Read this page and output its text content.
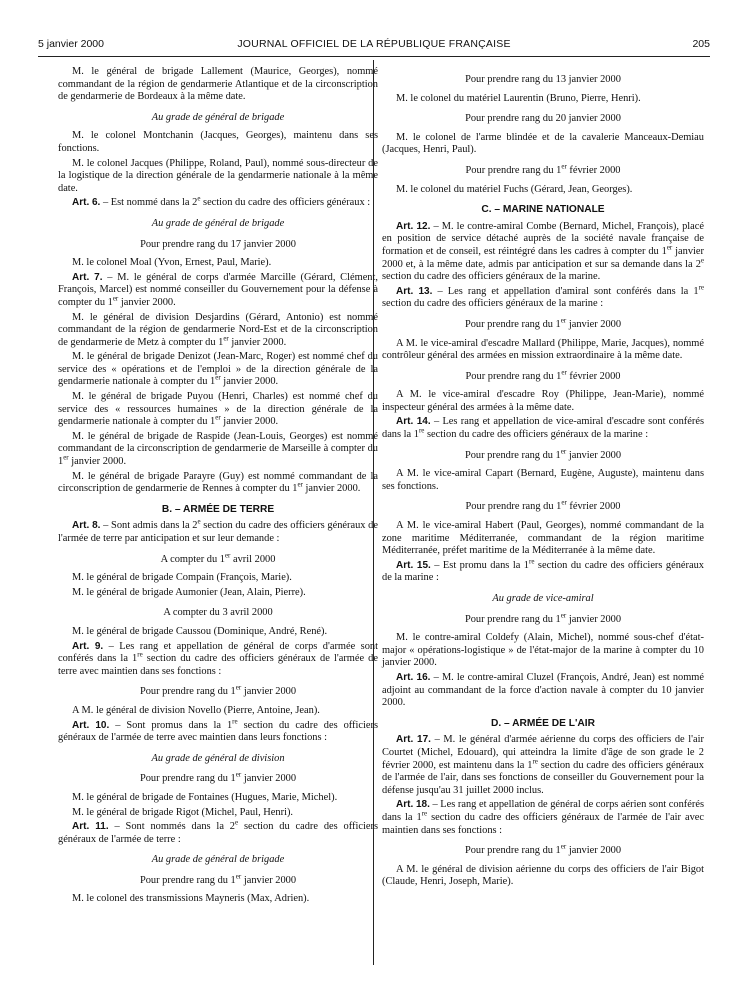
5 janvier 2000	JOURNAL OFFICIEL DE LA RÉPUBLIQUE FRANÇAISE	205

M. le général de brigade Lallement (Maurice, Georges), nommé commandant de la région de gendarmerie Atlantique et de la circonscription de gendarmerie de Bordeaux à la même date.

Au grade de général de brigade

M. le colonel Montchanin (Jacques, Georges), maintenu dans ses fonctions.

M. le colonel Jacques (Philippe, Roland, Paul), nommé sous-directeur de la logistique de la direction générale de la gendarmerie nationale à la même date.

Art. 6. – Est nommé dans la 2e section du cadre des officiers généraux :

Au grade de général de brigade

Pour prendre rang du 17 janvier 2000

M. le colonel Moal (Yvon, Ernest, Paul, Marie).

Art. 7. – M. le général de corps d'armée Marcille (Gérard, Clément, François, Marcel) est nommé conseiller du Gouvernement pour la défense à compter du 1er janvier 2000.

M. le général de division Desjardins (Gérard, Antonio) est nommé commandant de la région de gendarmerie Nord-Est et de la circonscription de gendarmerie de Metz à compter du 1er janvier 2000.

M. le général de brigade Denizot (Jean-Marc, Roger) est nommé chef du service des « opérations et de l'emploi » de la direction générale de la gendarmerie nationale à compter du 1er janvier 2000.

M. le général de brigade Puyou (Henri, Charles) est nommé chef du service des « ressources humaines » de la direction générale de la gendarmerie nationale à compter du 1er janvier 2000.

M. le général de brigade de Raspide (Jean-Louis, Georges) est nommé commandant de la circonscription de gendarmerie de Marseille à compter du 1er janvier 2000.

M. le général de brigade Parayre (Guy) est nommé commandant de la circonscription de gendarmerie de Rennes à compter du 1er janvier 2000.

B. – ARMÉE DE TERRE

Art. 8. – Sont admis dans la 2e section du cadre des officiers généraux de l'armée de terre par anticipation et sur leur demande :

A compter du 1er avril 2000

M. le général de brigade Compain (François, Marie).

M. le général de brigade Aumonier (Jean, Alain, Pierre).

A compter du 3 avril 2000

M. le général de brigade Caussou (Dominique, André, René).

Art. 9. – Les rang et appellation de général de corps d'armée sont conférés dans la 1re section du cadre des officiers généraux de l'armée de terre avec maintien dans ses fonctions :

Pour prendre rang du 1er janvier 2000

A M. le général de division Novello (Pierre, Antoine, Jean).

Art. 10. – Sont promus dans la 1re section du cadre des officiers généraux de l'armée de terre avec maintien dans leurs fonctions :

Au grade de général de division

Pour prendre rang du 1er janvier 2000

M. le général de brigade de Fontaines (Hugues, Marie, Michel).

M. le général de brigade Rigot (Michel, Paul, Henri).

Art. 11. – Sont nommés dans la 2e section du cadre des officiers généraux de l'armée de terre :

Au grade de général de brigade

Pour prendre rang du 1er janvier 2000

M. le colonel des transmissions Mayneris (Max, Adrien).

Pour prendre rang du 13 janvier 2000

M. le colonel du matériel Laurentin (Bruno, Pierre, Henri).

Pour prendre rang du 20 janvier 2000

M. le colonel de l'arme blindée et de la cavalerie Manceaux-Demiau (Jacques, Henri, Paul).

Pour prendre rang du 1er février 2000

M. le colonel du matériel Fuchs (Gérard, Jean, Georges).

C. – MARINE NATIONALE

Art. 12. – M. le contre-amiral Combe (Bernard, Michel, François), placé en position de service détaché auprès de la société navale française de formation et de conseil, est réintégré dans les cadres à compter du 1er janvier 2000 et, à la même date, admis par anticipation et sur sa demande dans la 2e section du cadre des officiers généraux de la marine.

Art. 13. – Les rang et appellation d'amiral sont conférés dans la 1re section du cadre des officiers généraux de la marine :

Pour prendre rang du 1er janvier 2000

A M. le vice-amiral d'escadre Mallard (Philippe, Marie, Jacques), nommé contrôleur général des armées en mission extraordinaire à la même date.

Pour prendre rang du 1er février 2000

A M. le vice-amiral d'escadre Roy (Philippe, Jean-Marie), nommé inspecteur général des armées à la même date.

Art. 14. – Les rang et appellation de vice-amiral d'escadre sont conférés dans la 1re section du cadre des officiers généraux de la marine :

Pour prendre rang du 1er janvier 2000

A M. le vice-amiral Capart (Bernard, Eugène, Auguste), maintenu dans ses fonctions.

Pour prendre rang du 1er février 2000

A M. le vice-amiral Habert (Paul, Georges), nommé commandant de la zone maritime Méditerranée, commandant de la région maritime Méditerranée, préfet maritime de la Méditerranée à la même date.

Art. 15. – Est promu dans la 1re section du cadre des officiers généraux de la marine :

Au grade de vice-amiral

Pour prendre rang du 1er janvier 2000

M. le contre-amiral Coldefy (Alain, Michel), nommé sous-chef d'état-major « opérations-logistique » de l'état-major de la marine à compter du 10 janvier 2000.

Art. 16. – M. le contre-amiral Cluzel (François, André, Jean) est nommé adjoint au commandant de la force d'action navale à compter du 10 janvier 2000.

D. – ARMÉE DE L'AIR

Art. 17. – M. le général d'armée aérienne du corps des officiers de l'air Courtet (Michel, Edouard), qui atteindra la limite d'âge de son grade le 2 février 2000, est maintenu dans la 1re section du cadre des officiers généraux de l'armée de l'air, dans ses fonctions de conseiller du Gouvernement pour la défense jusqu'au 31 juillet 2000 inclus.

Art. 18. – Les rang et appellation de général de corps aérien sont conférés dans la 1re section du cadre des officiers généraux de l'armée de l'air avec maintien dans ses fonctions :

Pour prendre rang du 1er janvier 2000

A M. le général de division aérienne du corps des officiers de l'air Bigot (Claude, Henri, Joseph, Marie).
